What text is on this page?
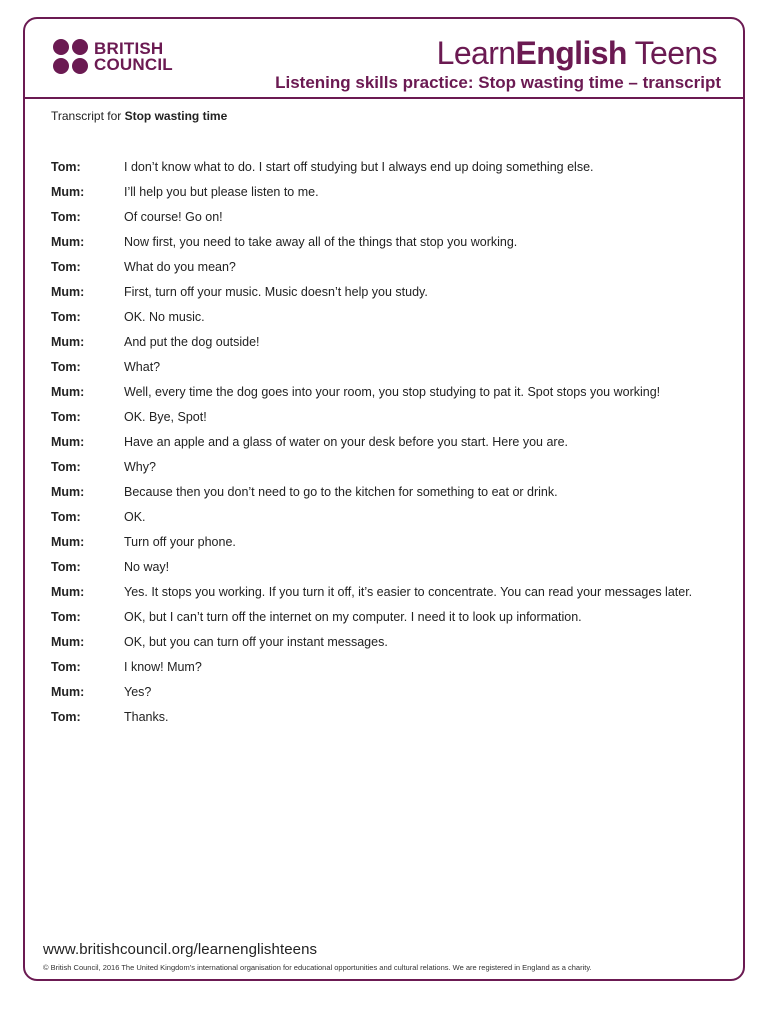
BRITISH
COUNCIL	LearnEnglish Teens
Listening skills practice: Stop wasting time – transcript
Transcript for Stop wasting time
Tom:	I don’t know what to do. I start off studying but I always end up doing something else.
Mum:	I’ll help you but please listen to me.
Tom:	Of course! Go on!
Mum:	Now first, you need to take away all of the things that stop you working.
Tom:	What do you mean?
Mum:	First, turn off your music. Music doesn’t help you study.
Tom:	OK. No music.
Mum:	And put the dog outside!
Tom:	What?
Mum:	Well, every time the dog goes into your room, you stop studying to pat it. Spot stops you working!
Tom:	OK. Bye, Spot!
Mum:	Have an apple and a glass of water on your desk before you start. Here you are.
Tom:	Why?
Mum:	Because then you don’t need to go to the kitchen for something to eat or drink.
Tom:	OK.
Mum:	Turn off your phone.
Tom:	No way!
Mum:	Yes. It stops you working. If you turn it off, it’s easier to concentrate. You can read your messages later.
Tom:	OK, but I can’t turn off the internet on my computer. I need it to look up information.
Mum:	OK, but you can turn off your instant messages.
Tom:	I know! Mum?
Mum:	Yes?
Tom:	Thanks.
www.britishcouncil.org/learnenglishteens
© British Council, 2016 The United Kingdom’s international organisation for educational opportunities and cultural relations. We are registered in England as a charity.
